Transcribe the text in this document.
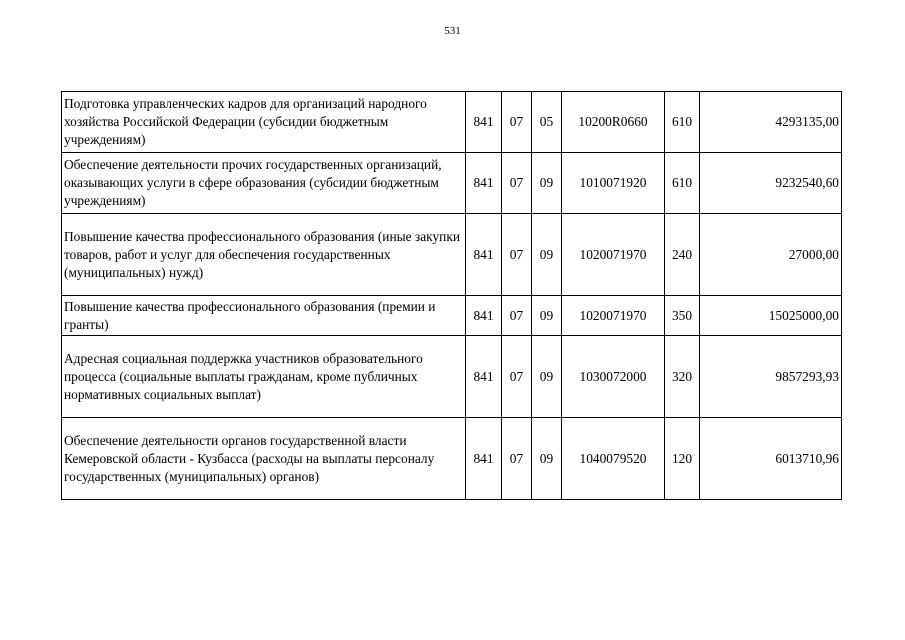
531
Подготовка управленческих кадров для организаций народного хозяйства Российской Федерации (субсидии бюджетным учреждениям)	841	07	05	10200R0660	610	4293135,00
Обеспечение деятельности прочих государственных организаций, оказывающих услуги в сфере образования (субсидии бюджетным учреждениям)	841	07	09	1010071920	610	9232540,60
Повышение качества профессионального образования (иные закупки товаров, работ и услуг для обеспечения государственных (муниципальных) нужд)	841	07	09	1020071970	240	27000,00
Повышение качества профессионального образования (премии и гранты)	841	07	09	1020071970	350	15025000,00
Адресная социальная поддержка участников образовательного процесса (социальные выплаты гражданам, кроме публичных нормативных социальных выплат)	841	07	09	1030072000	320	9857293,93
Обеспечение деятельности органов государственной власти Кемеровской области - Кузбасса (расходы на выплаты персоналу государственных (муниципальных) органов)	841	07	09	1040079520	120	6013710,96
